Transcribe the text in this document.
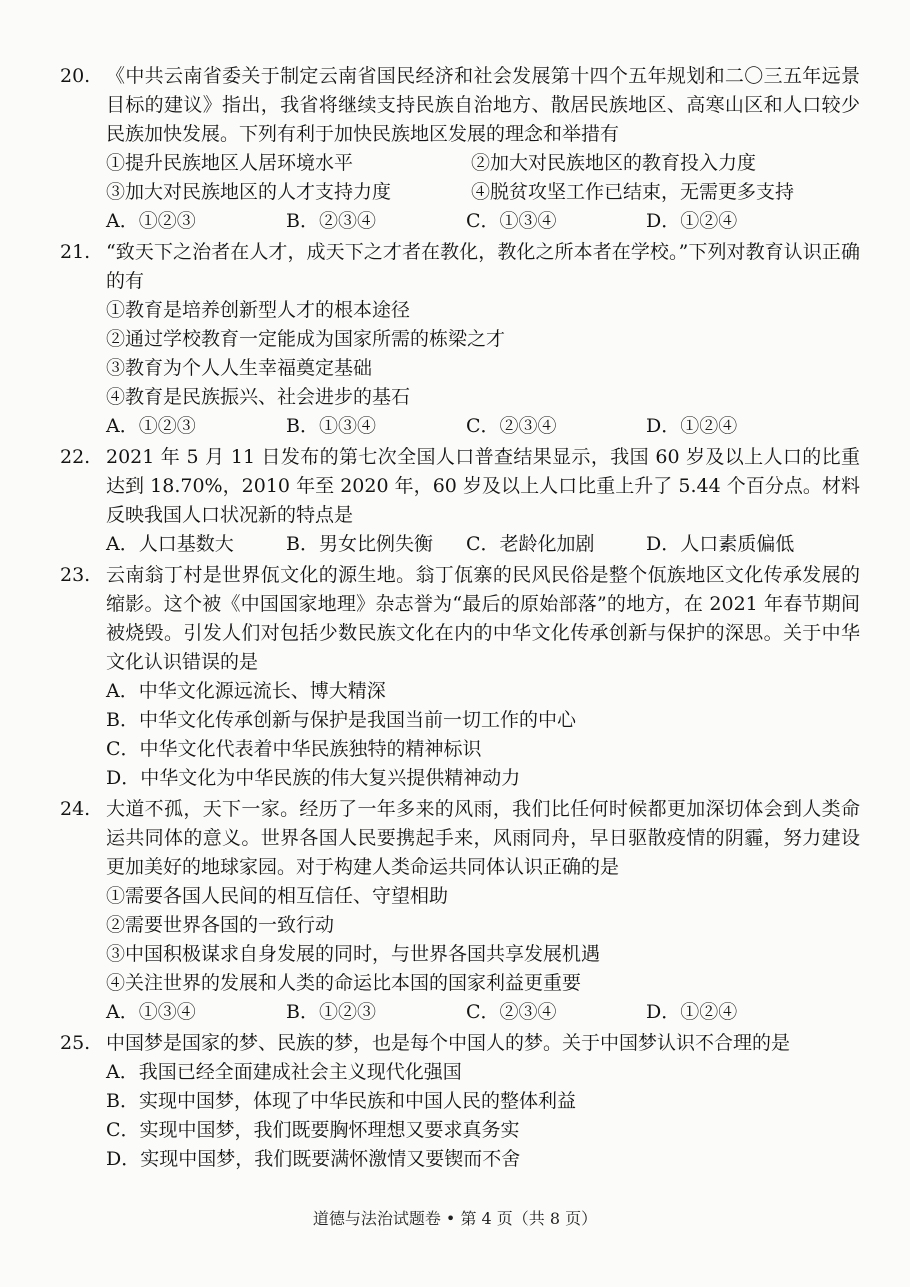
20. 《中共云南省委关于制定云南省国民经济和社会发展第十四个五年规划和二〇三五年远景目标的建议》指出，我省将继续支持民族自治地方、散居民族地区、高寒山区和人口较少民族加快发展。下列有利于加快民族地区发展的理念和举措有
①提升民族地区人居环境水平	②加大对民族地区的教育投入力度
③加大对民族地区的人才支持力度	④脱贫攻坚工作已结束，无需更多支持
A．①②③	B．②③④	C．①③④	D．①②④
21. “致天下之治者在人才，成天下之才者在教化，教化之所本者在学校。”下列对教育认识正确的有
①教育是培养创新型人才的根本途径
②通过学校教育一定能成为国家所需的栋梁之才
③教育为个人人生幸福奠定基础
④教育是民族振兴、社会进步的基石
A．①②③	B．①③④	C．②③④	D．①②④
22. 2021 年 5 月 11 日发布的第七次全国人口普查结果显示，我国 60 岁及以上人口的比重达到 18.70%，2010 年至 2020 年，60 岁及以上人口比重上升了 5.44 个百分点。材料反映我国人口状况新的特点是
A．人口基数大	B．男女比例失衡	C．老龄化加剧	D．人口素质偏低
23. 云南翁丁村是世界佤文化的源生地。翁丁佤寨的民风民俗是整个佤族地区文化传承发展的缩影。这个被《中国国家地理》杂志誉为“最后的原始部落”的地方，在 2021 年春节期间被烧毁。引发人们对包括少数民族文化在内的中华文化传承创新与保护的深思。关于中华文化认识错误的是
A．中华文化源远流长、博大精深
B．中华文化传承创新与保护是我国当前一切工作的中心
C．中华文化代表着中华民族独特的精神标识
D．中华文化为中华民族的伟大复兴提供精神动力
24. 大道不孤，天下一家。经历了一年多来的风雨，我们比任何时候都更加深切体会到人类命运共同体的意义。世界各国人民要携起手来，风雨同舟，早日驱散疫情的阴霾，努力建设更加美好的地球家园。对于构建人类命运共同体认识正确的是
①需要各国人民间的相互信任、守望相助
②需要世界各国的一致行动
③中国积极谋求自身发展的同时，与世界各国共享发展机遇
④关注世界的发展和人类的命运比本国的国家利益更重要
A．①③④	B．①②③	C．②③④	D．①②④
25. 中国梦是国家的梦、民族的梦，也是每个中国人的梦。关于中国梦认识不合理的是
A．我国已经全面建成社会主义现代化强国
B．实现中国梦，体现了中华民族和中国人民的整体利益
C．实现中国梦，我们既要胸怀理想又要求真务实
D．实现中国梦，我们既要满怀激情又要锲而不舍
道德与法治试题卷 • 第 4 页（共 8 页）
